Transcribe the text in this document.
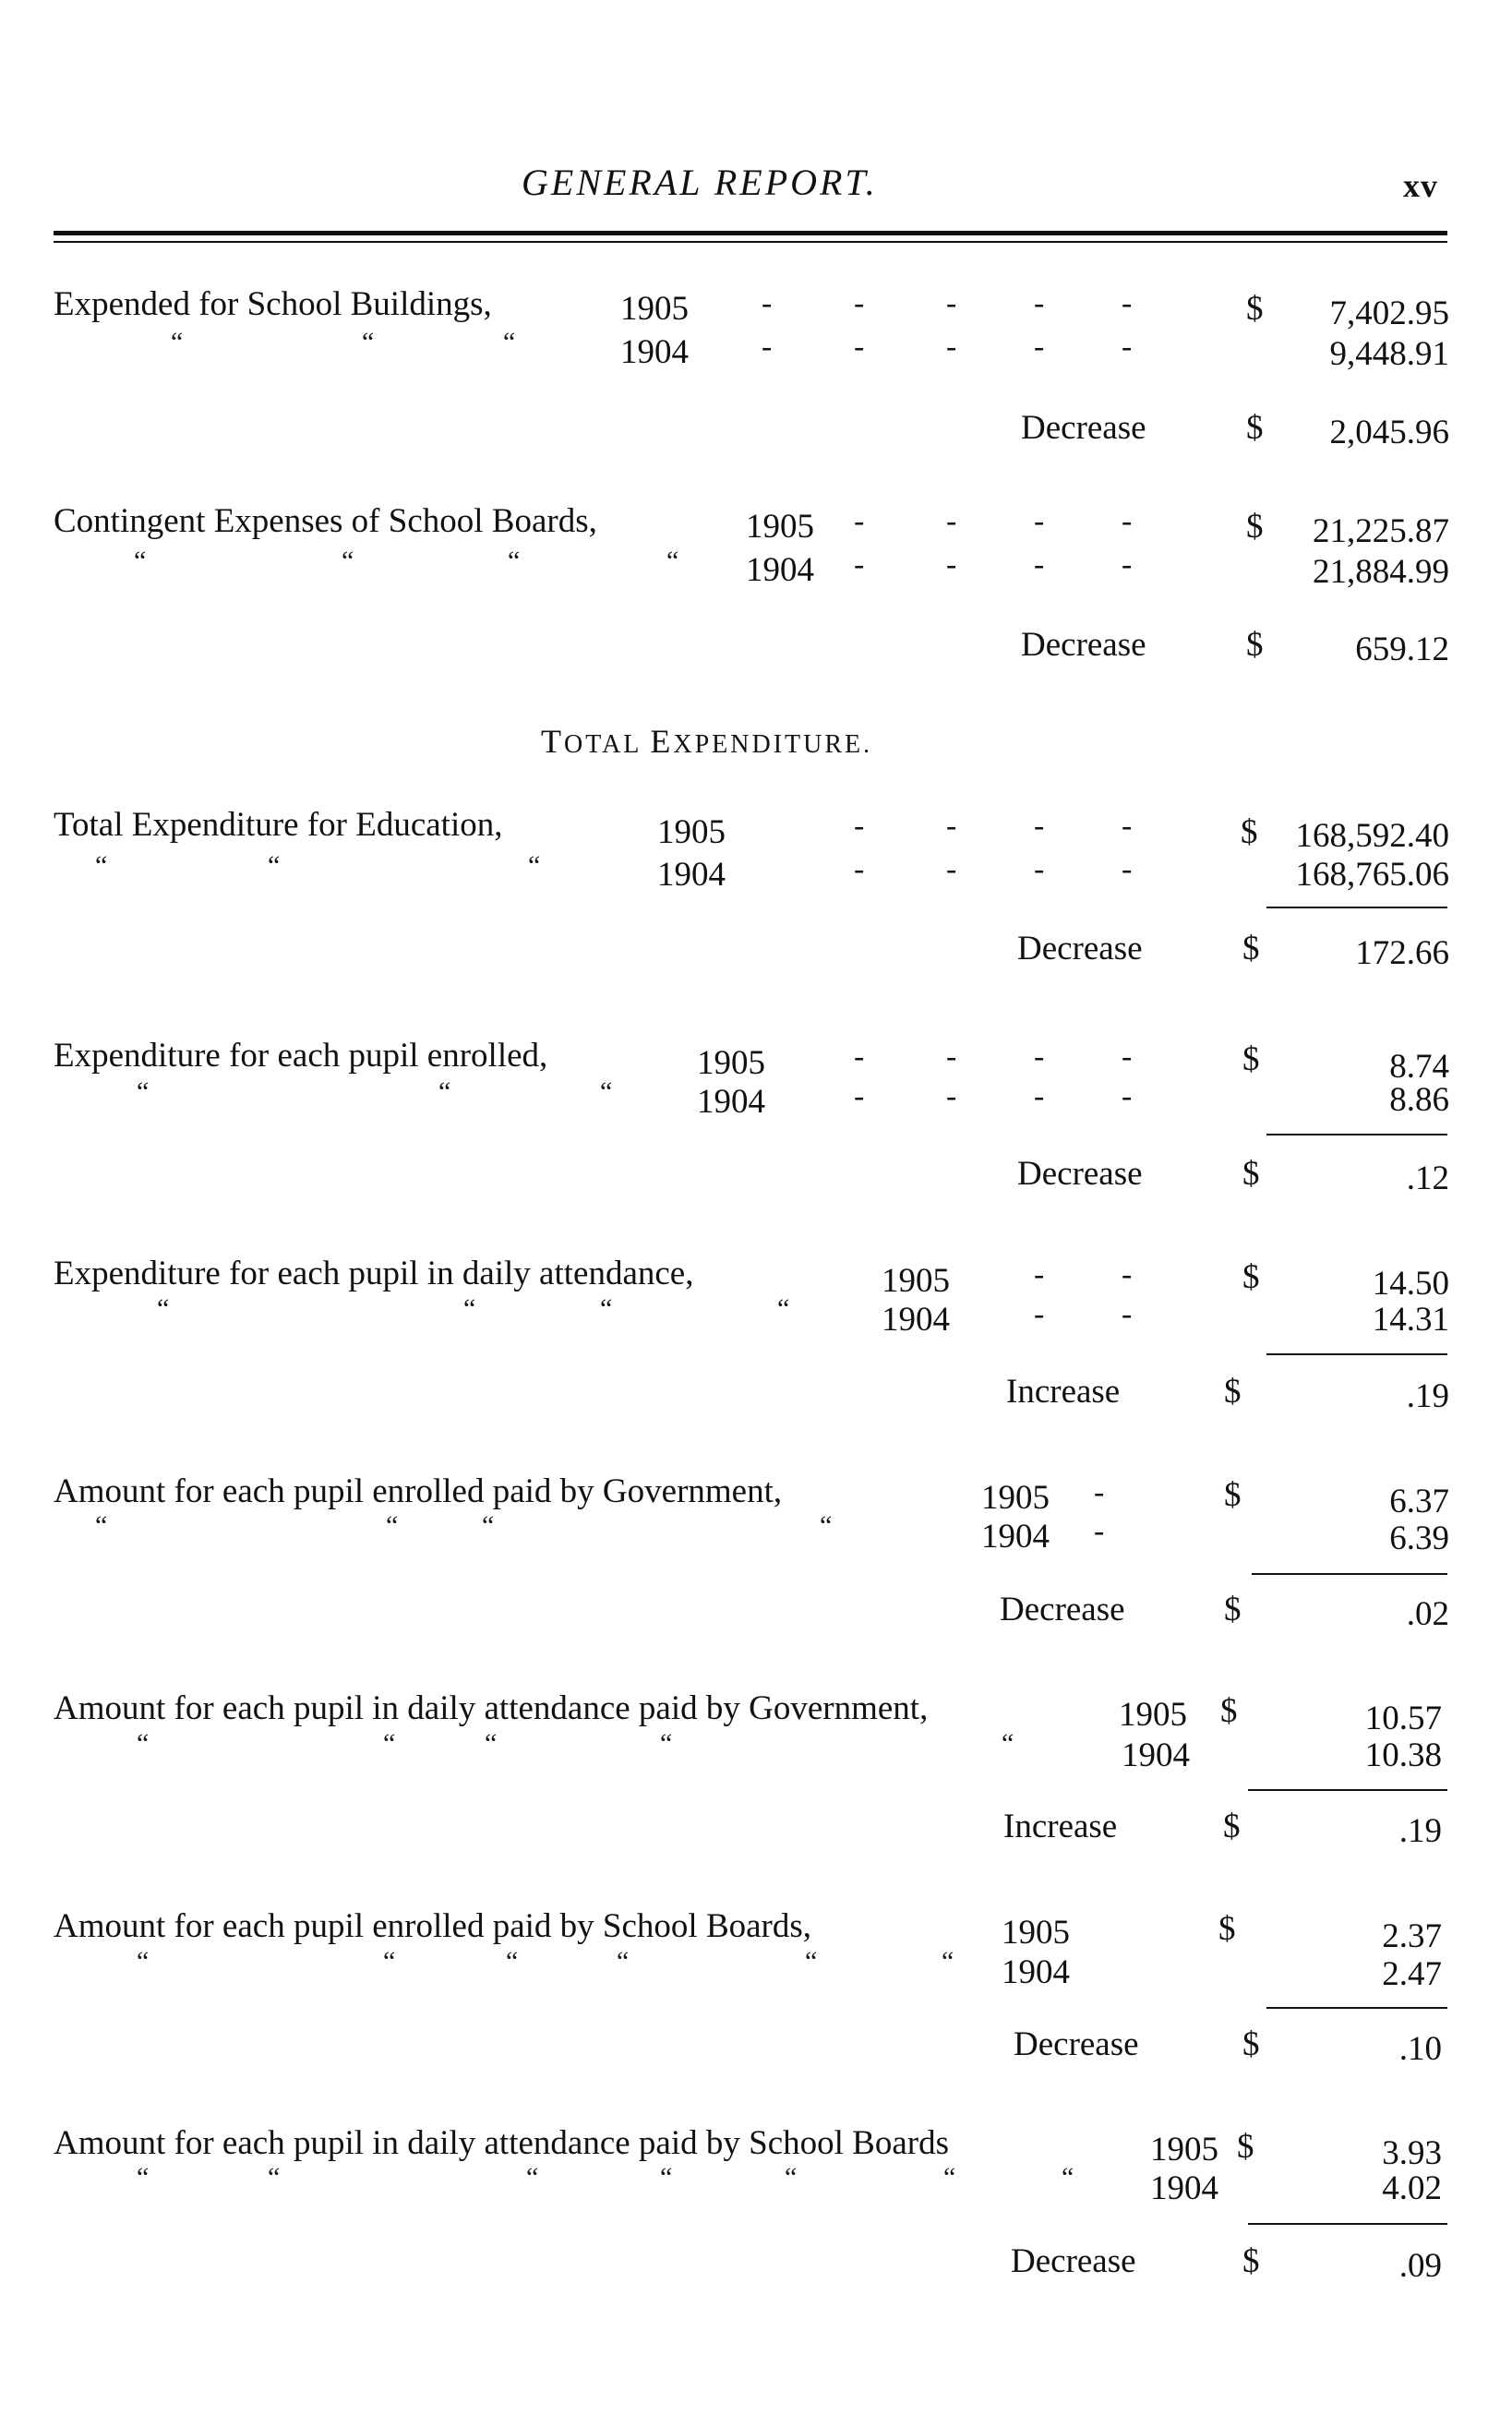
GENERAL REPORT.	xv
Expended for School Buildings,	1905 -	-	- - -	$	7,402.95
“	“	“	1904 -	-	- - -	9,448.91
Decrease	$	2,045.96
Contingent Expenses of School Boards,	1905 -	- - -	$	21,225.87
“	“	“	“ 1904 -	- - -	21,884.99
Decrease	$	659.12
TOTAL EXPENDITURE.
Total Expenditure for Education,	1905	-	- - -	$	168,592.40
“	“	“	1904	-	- - -	168,765.06
Decrease	$	172.66
Expenditure for each pupil enrolled,	1905	-	- - -	$	8.74
“	“	“ 1904	-	- - -	8.86
Decrease	$	.12
Expenditure for each pupil in daily attendance,	1905	- -	$	14.50
“	“	“	“	1904	- -	14.31
Increase	$	.19
Amount for each pupil enrolled paid by Government,	1905 -	$	6.37
“	“	“	“	1904 -	6.39
Decrease	$	.02
Amount for each pupil in daily attendance paid by Government,	1905 $	10.57
“	“	“	“	“	1904	10.38
Increase	$	.19
Amount for each pupil enrolled paid by School Boards,	1905	$	2.37
“	“	“	“	“	“ 1904	2.47
Decrease	$	.10
Amount for each pupil in daily attendance paid by School Boards	1905 $	3.93
“	“	“	“	“	“	“ 1904	4.02
Decrease	$	.09
